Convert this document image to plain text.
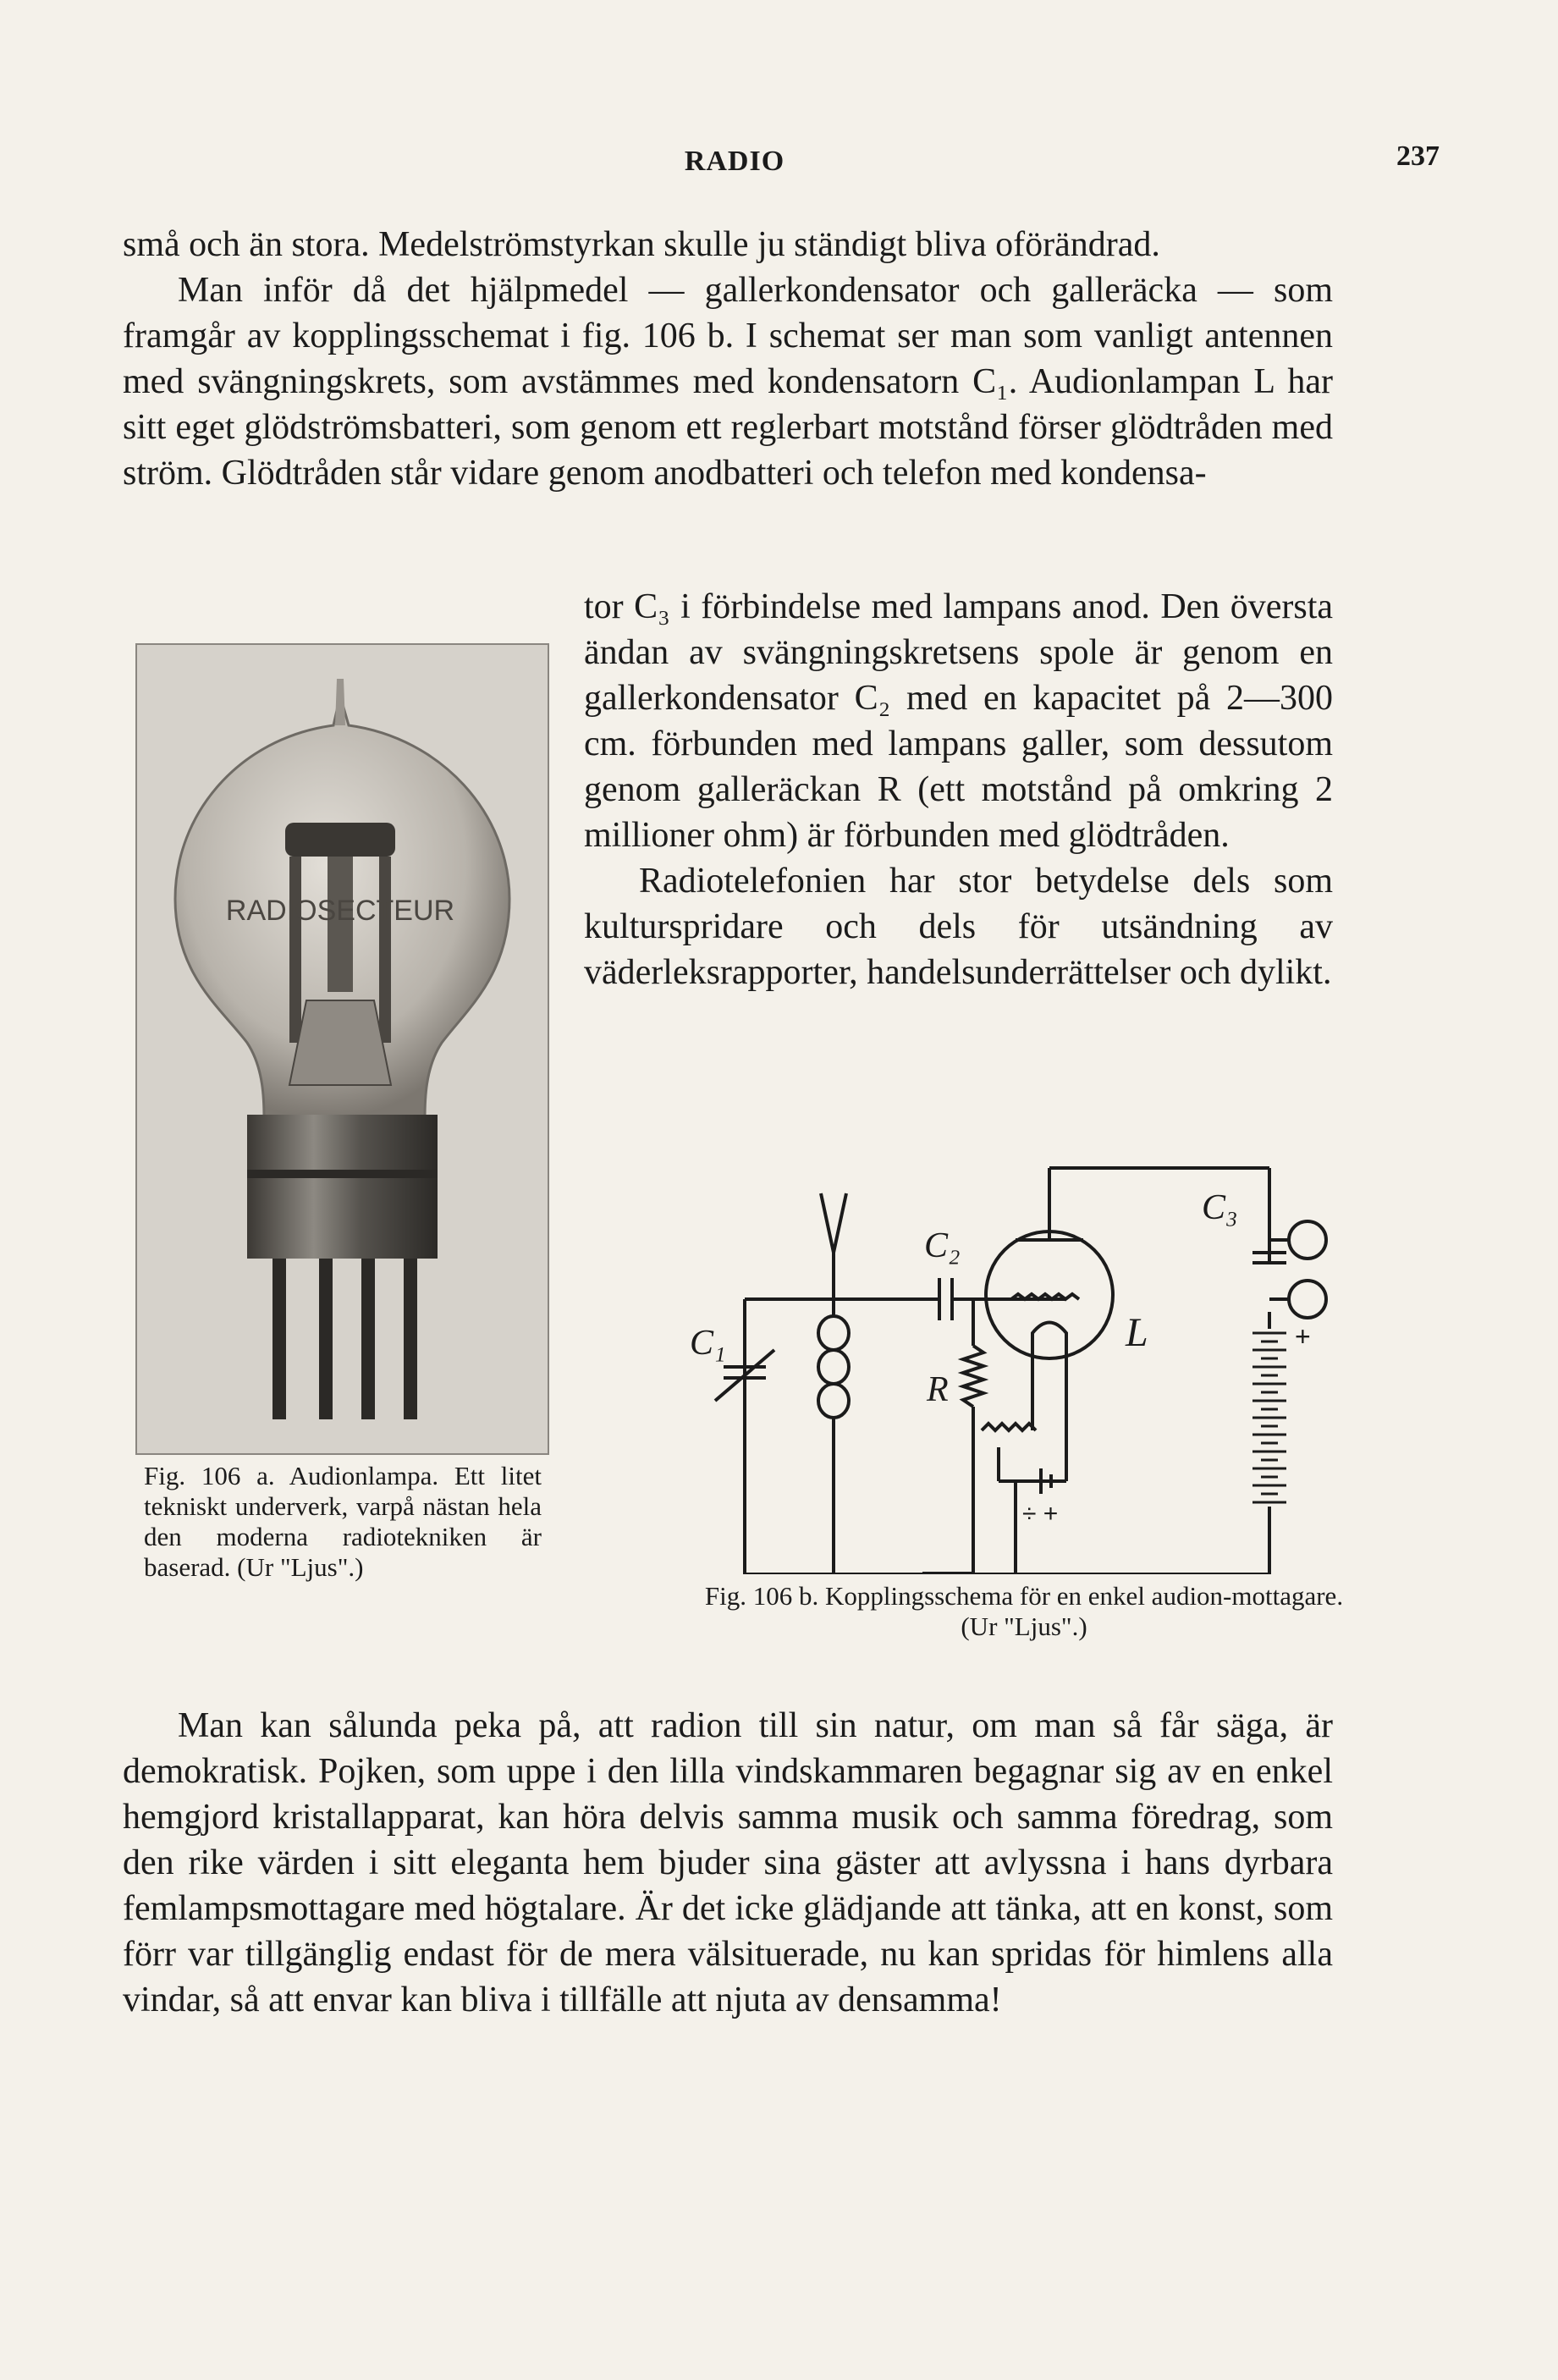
RADIO	237

små och än stora. Medelströmstyrkan skulle ju ständigt bliva oförändrad.

Man inför då det hjälpmedel — gallerkondensator och galleräcka — som framgår av kopplingsschemat i fig. 106 b. I schemat ser man som vanligt antennen med svängningskrets, som avstämmes med kondensatorn C₁. Audionlampan L har sitt eget glödströmsbatteri, som genom ett reglerbart motstånd förser glödtråden med ström. Glödtråden står vidare genom anodbatteri och telefon med kondensa-

RADIOSECTEUR

tor C₃ i förbindelse med lampans anod. Den översta ändan av svängningskretsens spole är genom en gallerkondensator C₂ med en kapacitet på 2—300 cm. förbunden med lampans galler, som dessutom genom galleräckan R (ett motstånd på omkring 2 millioner ohm) är förbunden med glödtråden.

Radiotelefonien har stor betydelse dels som kulturspridare och dels för utsändning av väderleksrapporter, handelsunderrättelser och dylikt.

Fig. 106 a. Audionlampa. Ett litet tekniskt underverk, varpå nästan hela den moderna radiotekniken är baserad. (Ur "Ljus".)
C₁
C₂
C₃
R
L	+
÷ +
Fig. 106 b. Kopplingsschema för en enkel audion-mottagare. (Ur "Ljus".)

Man kan sålunda peka på, att radion till sin natur, om man så får säga, är demokratisk. Pojken, som uppe i den lilla vindskammaren begagnar sig av en enkel hemgjord kristallapparat, kan höra delvis samma musik och samma föredrag, som den rike värden i sitt eleganta hem bjuder sina gäster att avlyssna i hans dyrbara femlampsmottagare med högtalare. Är det icke glädjande att tänka, att en konst, som förr var tillgänglig endast för de mera välsituerade, nu kan spridas för himlens alla vindar, så att envar kan bliva i tillfälle att njuta av densamma!
